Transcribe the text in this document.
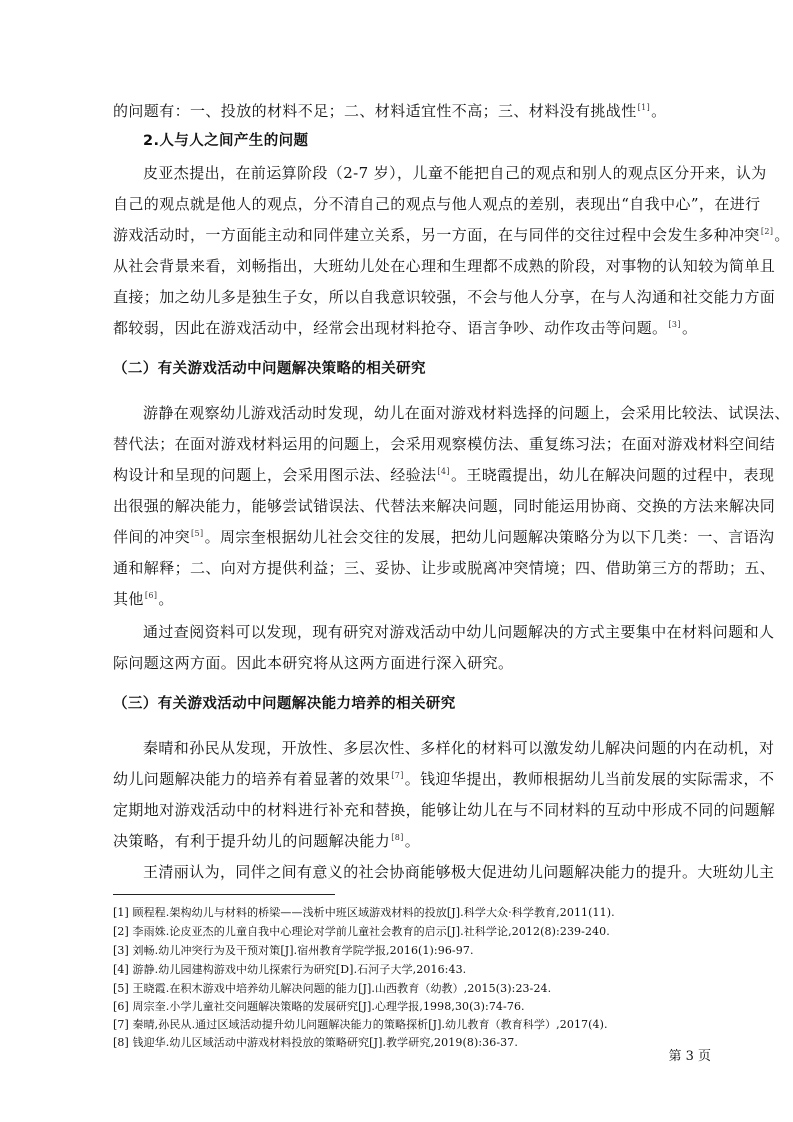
的问题有：一、投放的材料不足；二、材料适宜性不高；三、材料没有挑战性[1]。
2.人与人之间产生的问题
皮亚杰提出，在前运算阶段（2-7 岁），儿童不能把自己的观点和别人的观点区分开来，认为
自己的观点就是他人的观点，分不清自己的观点与他人观点的差别，表现出“自我中心”，在进行
游戏活动时，一方面能主动和同伴建立关系，另一方面，在与同伴的交往过程中会发生多种冲突[2]。
从社会背景来看，刘畅指出，大班幼儿处在心理和生理都不成熟的阶段，对事物的认知较为简单且
直接；加之幼儿多是独生子女，所以自我意识较强，不会与他人分享，在与人沟通和社交能力方面
都较弱，因此在游戏活动中，经常会出现材料抢夺、语言争吵、动作攻击等问题。[3]。
（二）有关游戏活动中问题解决策略的相关研究
游静在观察幼儿游戏活动时发现，幼儿在面对游戏材料选择的问题上，会采用比较法、试误法、
替代法；在面对游戏材料运用的问题上，会采用观察模仿法、重复练习法；在面对游戏材料空间结
构设计和呈现的问题上，会采用图示法、经验法[4]。王晓霞提出，幼儿在解决问题的过程中，表现
出很强的解决能力，能够尝试错误法、代替法来解决问题，同时能运用协商、交换的方法来解决同
伴间的冲突[5]。周宗奎根据幼儿社会交往的发展，把幼儿问题解决策略分为以下几类：一、言语沟
通和解释；二、向对方提供利益；三、妥协、让步或脱离冲突情境；四、借助第三方的帮助；五、
其他[6]。
通过查阅资料可以发现，现有研究对游戏活动中幼儿问题解决的方式主要集中在材料问题和人
际问题这两方面。因此本研究将从这两方面进行深入研究。
（三）有关游戏活动中问题解决能力培养的相关研究
秦晴和孙民从发现，开放性、多层次性、多样化的材料可以激发幼儿解决问题的内在动机，对
幼儿问题解决能力的培养有着显著的效果[7]。钱迎华提出，教师根据幼儿当前发展的实际需求，不
定期地对游戏活动中的材料进行补充和替换，能够让幼儿在与不同材料的互动中形成不同的问题解
决策略，有利于提升幼儿的问题解决能力[8]。
王清丽认为，同伴之间有意义的社会协商能够极大促进幼儿问题解决能力的提升。大班幼儿主
[1] 顾程程.架构幼儿与材料的桥梁——浅析中班区域游戏材料的投放[J].科学大众·科学教育,2011(11).
[2] 李雨姝.论皮亚杰的儿童自我中心理论对学前儿童社会教育的启示[J].社科学论,2012(8):239-240.
[3] 刘畅.幼儿冲突行为及干预对策[J].宿州教育学院学报,2016(1):96-97.
[4] 游静.幼儿园建构游戏中幼儿探索行为研究[D].石河子大学,2016:43.
[5] 王晓霞.在积木游戏中培养幼儿解决问题的能力[J].山西教育（幼教）,2015(3):23-24.
[6] 周宗奎.小学儿童社交问题解决策略的发展研究[J].心理学报,1998,30(3):74-76.
[7] 秦晴,孙民从.通过区域活动提升幼儿问题解决能力的策略探析[J].幼儿教育（教育科学）,2017(4).
[8] 钱迎华.幼儿区域活动中游戏材料投放的策略研究[J].教学研究,2019(8):36-37.
第 3 页
